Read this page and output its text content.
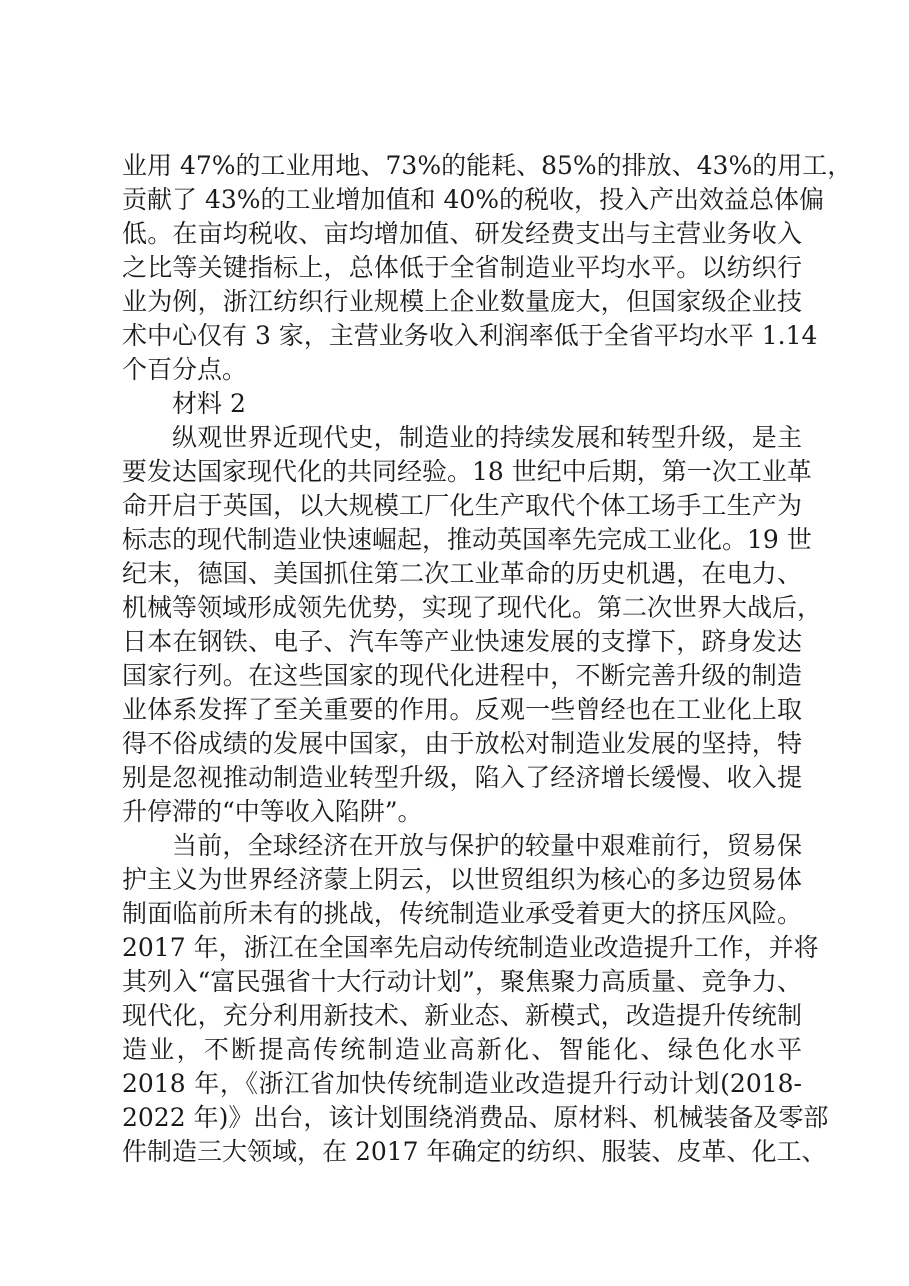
业用 47%的工业用地、73%的能耗、85%的排放、43%的用工，
贡献了 43%的工业增加值和 40%的税收，投入产出效益总体偏
低。在亩均税收、亩均增加值、研发经费支出与主营业务收入
之比等关键指标上，总体低于全省制造业平均水平。以纺织行
业为例，浙江纺织行业规模上企业数量庞大，但国家级企业技
术中心仅有 3 家，主营业务收入利润率低于全省平均水平 1.14
个百分点。
材料 2
纵观世界近现代史，制造业的持续发展和转型升级，是主
要发达国家现代化的共同经验。18 世纪中后期，第一次工业革
命开启于英国，以大规模工厂化生产取代个体工场手工生产为
标志的现代制造业快速崛起，推动英国率先完成工业化。19 世
纪末，德国、美国抓住第二次工业革命的历史机遇，在电力、
机械等领域形成领先优势，实现了现代化。第二次世界大战后，
日本在钢铁、电子、汽车等产业快速发展的支撑下，跻身发达
国家行列。在这些国家的现代化进程中，不断完善升级的制造
业体系发挥了至关重要的作用。反观一些曾经也在工业化上取
得不俗成绩的发展中国家，由于放松对制造业发展的坚持，特
别是忽视推动制造业转型升级，陷入了经济增长缓慢、收入提
升停滞的“中等收入陷阱”。
当前，全球经济在开放与保护的较量中艰难前行，贸易保
护主义为世界经济蒙上阴云，以世贸组织为核心的多边贸易体
制面临前所未有的挑战，传统制造业承受着更大的挤压风险。
2017 年，浙江在全国率先启动传统制造业改造提升工作，并将
其列入“富民强省十大行动计划”，聚焦聚力高质量、竞争力、
现代化，充分利用新技术、新业态、新模式，改造提升传统制
造业，不断提高传统制造业高新化、智能化、绿色化水平
2018 年，《浙江省加快传统制造业改造提升行动计划(2018-
2022 年)》出台，该计划围绕消费品、原材料、机械装备及零部
件制造三大领域，在 2017 年确定的纺织、服装、皮革、化工、
